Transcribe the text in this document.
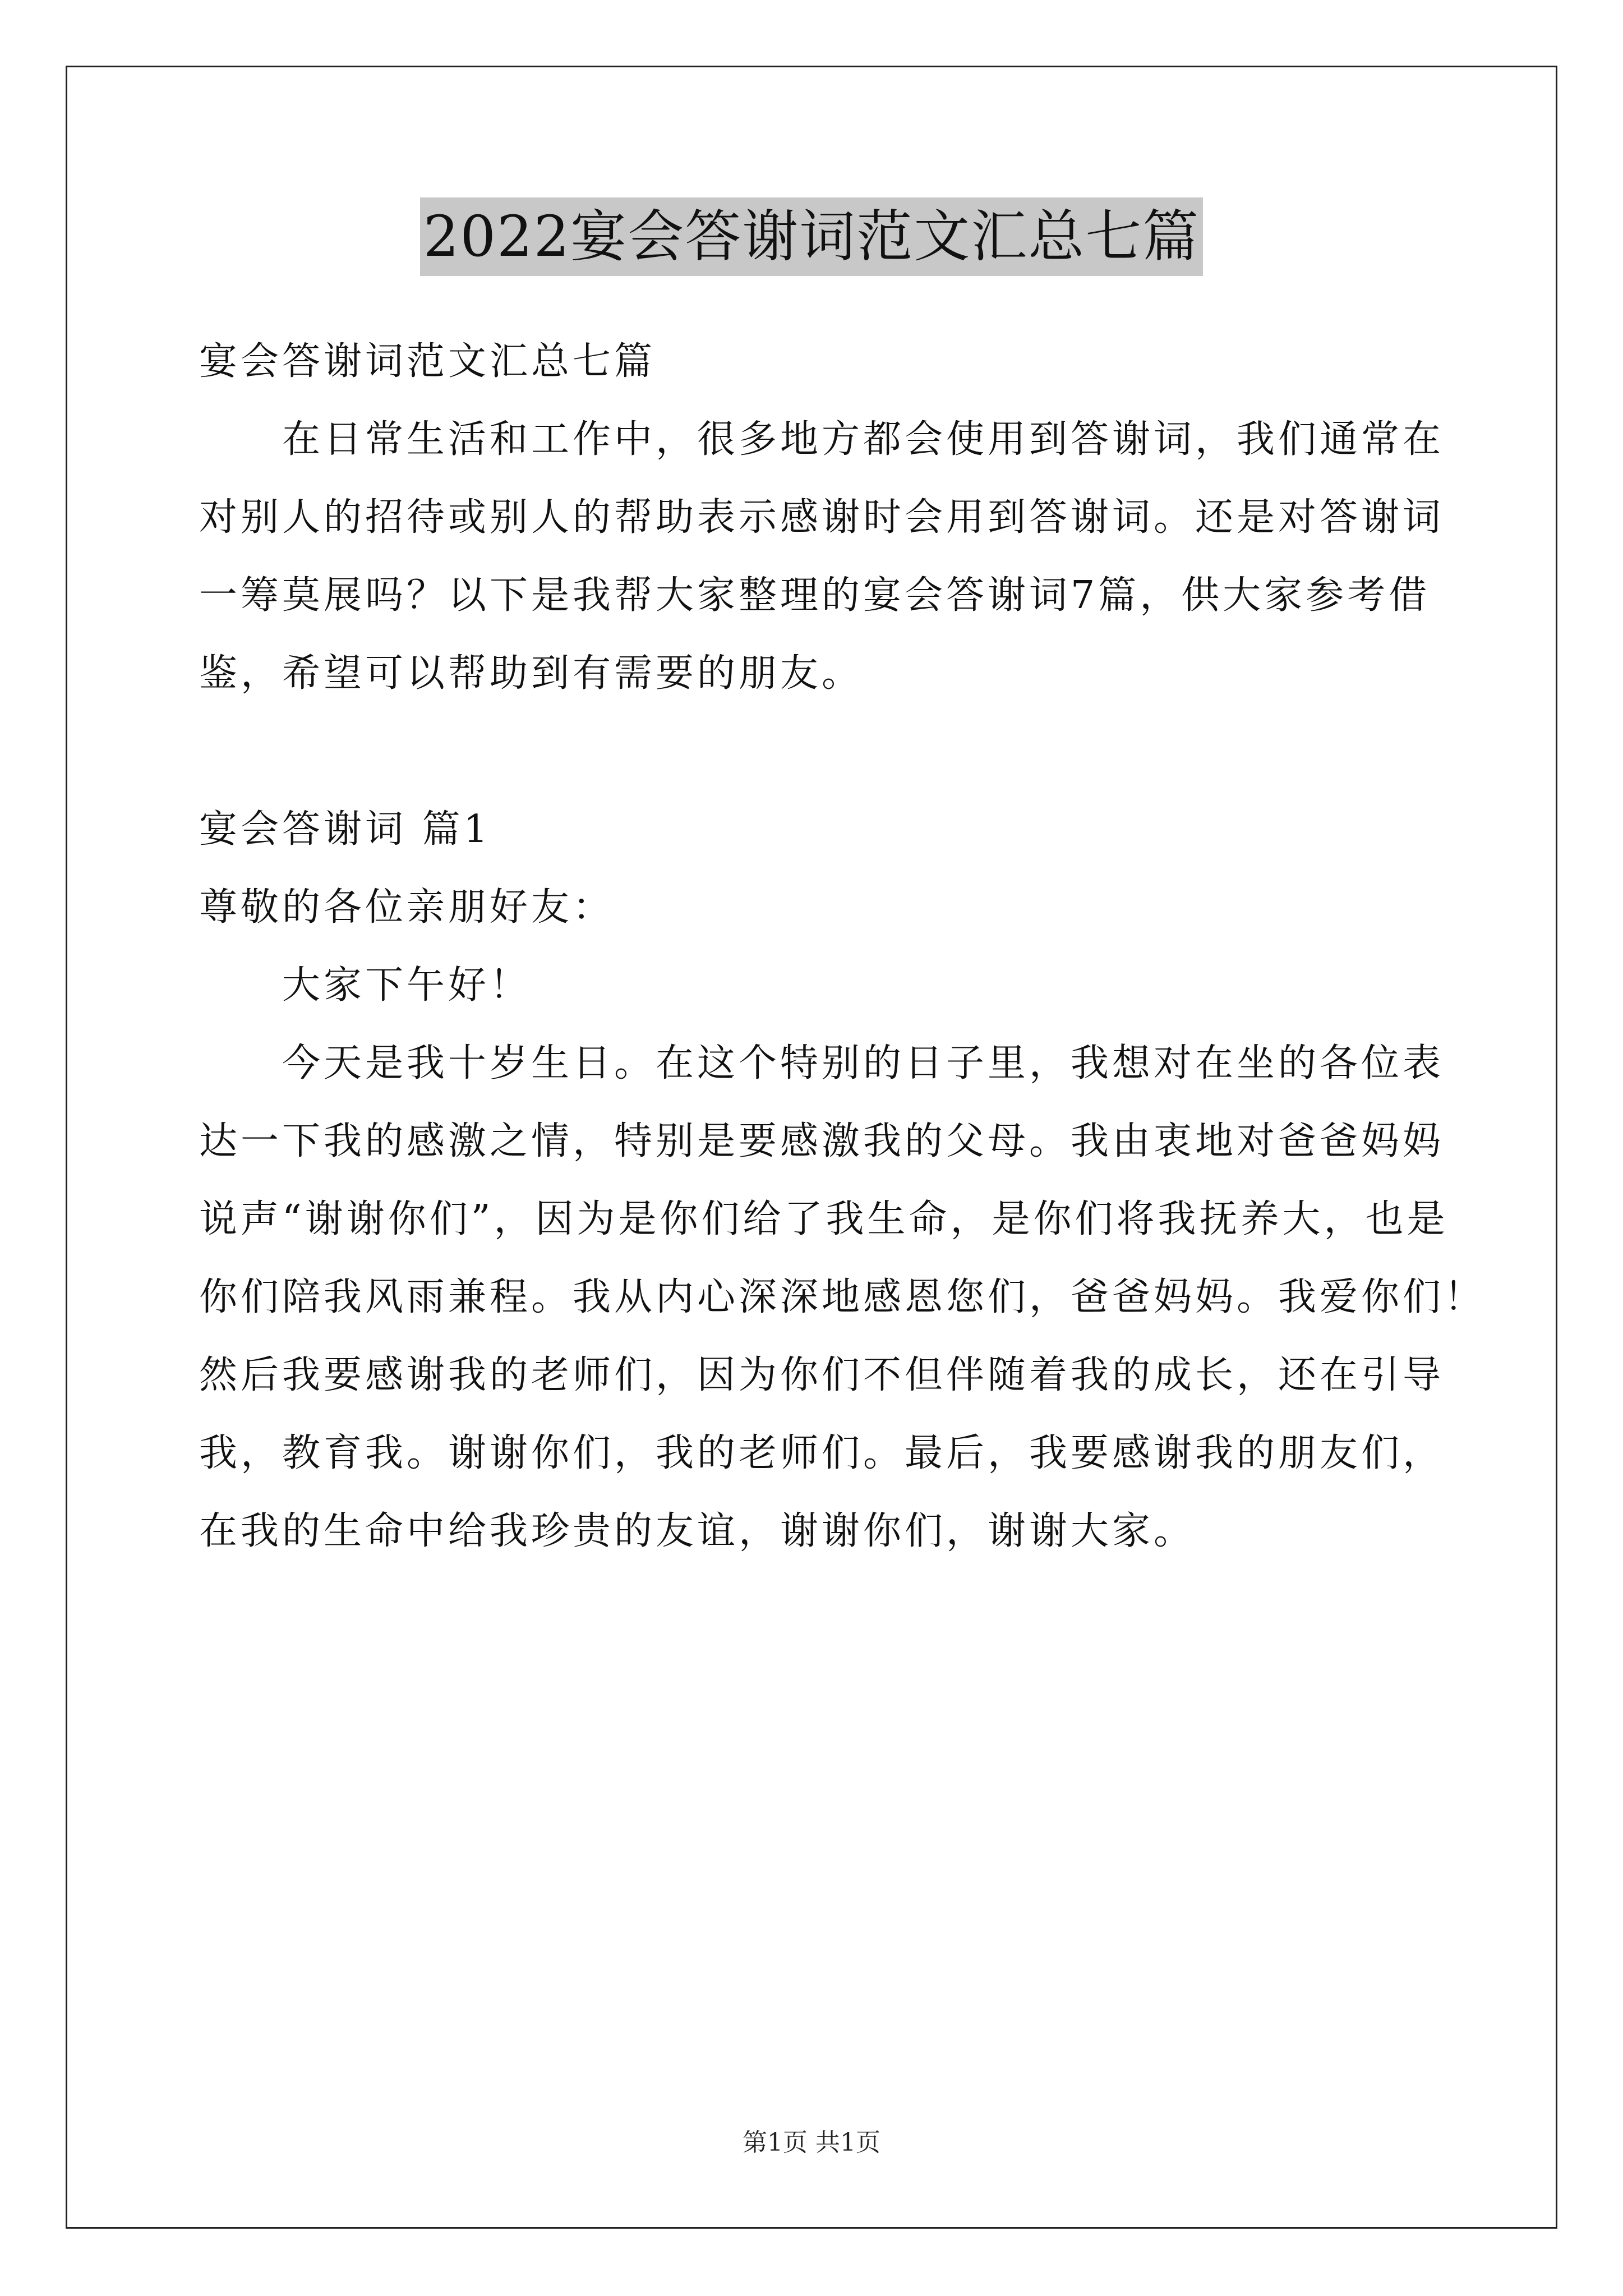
2022宴会答谢词范文汇总七篇
宴会答谢词范文汇总七篇
在日常生活和工作中，很多地方都会使用到答谢词，我们通常在
对别人的招待或别人的帮助表示感谢时会用到答谢词。还是对答谢词
一筹莫展吗？以下是我帮大家整理的宴会答谢词7篇，供大家参考借
鉴，希望可以帮助到有需要的朋友。
宴会答谢词 篇1
尊敬的各位亲朋好友：
大家下午好！
今天是我十岁生日。在这个特别的日子里，我想对在坐的各位表
达一下我的感激之情，特别是要感激我的父母。我由衷地对爸爸妈妈
说声“谢谢你们”，因为是你们给了我生命，是你们将我抚养大，也是
你们陪我风雨兼程。我从内心深深地感恩您们，爸爸妈妈。我爱你们！
然后我要感谢我的老师们，因为你们不但伴随着我的成长，还在引导
我，教育我。谢谢你们，我的老师们。最后，我要感谢我的朋友们，
在我的生命中给我珍贵的友谊，谢谢你们，谢谢大家。
第1页 共1页
